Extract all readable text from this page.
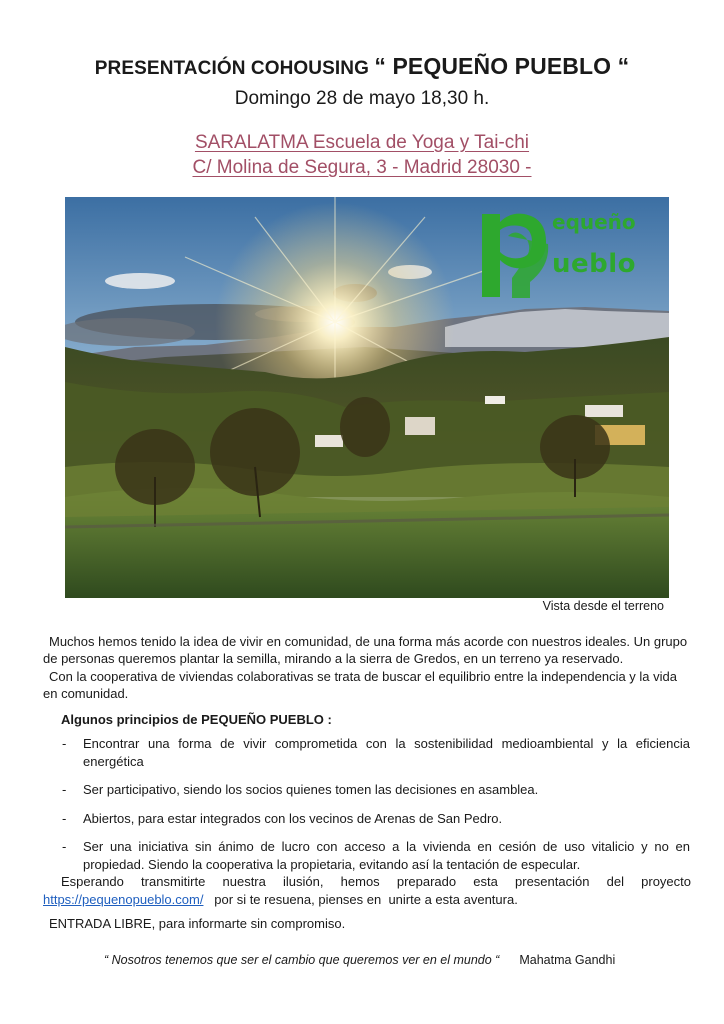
PRESENTACIÓN COHOUSING “ PEQUEÑO PUEBLO “
Domingo 28 de mayo 18,30 h.
SARALATMA Escuela de Yoga y Tai-chi
C/ Molina de Segura, 3 - Madrid 28030 -
equeño
ueblo
Vista desde el terreno

Muchos hemos tenido la idea de vivir en comunidad, de una forma más acorde con nuestros ideales. Un grupo de personas queremos plantar la semilla, mirando a la sierra de Gredos, en un terreno ya reservado.

Con la cooperativa de viviendas colaborativas se trata de buscar el equilibrio entre la independencia y la vida en comunidad.

Algunos principios de PEQUEÑO PUEBLO :
- Encontrar una forma de vivir comprometida con la sostenibilidad medioambiental y la eficiencia energética
- Ser participativo, siendo los socios quienes tomen las decisiones en asamblea.
- Abiertos, para estar integrados con los vecinos de Arenas de San Pedro.
- Ser una iniciativa sin ánimo de lucro con acceso a la vivienda en cesión de uso vitalicio y no en propiedad. Siendo la cooperativa la propietaria, evitando así la tentación de especular.
Esperando transmitirte nuestra ilusión, hemos preparado esta presentación del proyecto
https://pequenopueblo.com/   por si te resuena, pienses en  unirte a esta aventura.
ENTRADA LIBRE, para informarte sin compromiso.
“ Nosotros tenemos que ser el cambio que queremos ver en el mundo “ Mahatma Gandhi
